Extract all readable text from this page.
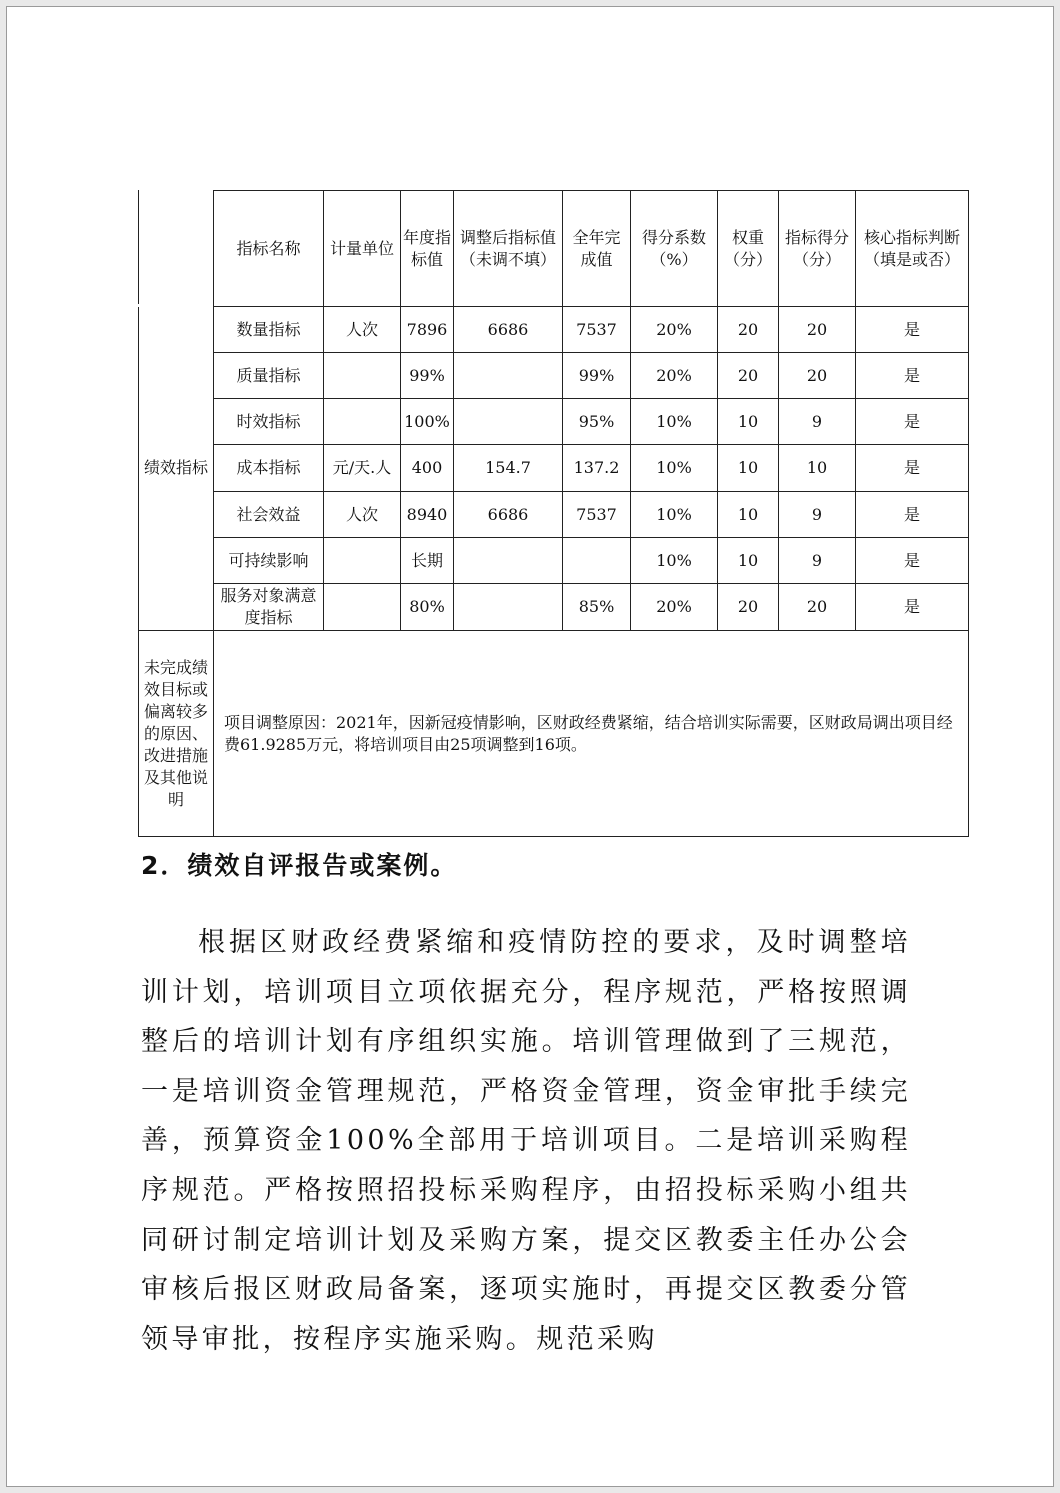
	指标名称	计量单位	年度指标值	调整后指标值（未调不填）	全年完成值	得分系数（%）	权重（分）	指标得分（分）	核心指标判断（填是或否）
绩效指标	数量指标	人次	7896	6686	7537	20%	20	20	是
	质量指标		99%		99%	20%	20	20	是
	时效指标		100%		95%	10%	10	9	是
	成本指标	元/天.人	400	154.7	137.2	10%	10	10	是
	社会效益	人次	8940	6686	7537	10%	10	9	是
	可持续影响		长期			10%	10	9	是
	服务对象满意度指标		80%		85%	20%	20	20	是
未完成绩效目标或偏离较多的原因、改进措施及其他说明	项目调整原因：2021年，因新冠疫情影响，区财政经费紧缩，结合培训实际需要，区财政局调出项目经费61.9285万元，将培训项目由25项调整到16项。								
2．绩效自评报告或案例。
根据区财政经费紧缩和疫情防控的要求，及时调整培训计划，培训项目立项依据充分，程序规范，严格按照调整后的培训计划有序组织实施。培训管理做到了三规范，一是培训资金管理规范，严格资金管理，资金审批手续完善，预算资金100%全部用于培训项目。二是培训采购程序规范。严格按照招投标采购程序，由招投标采购小组共同研讨制定培训计划及采购方案，提交区教委主任办公会审核后报区财政局备案，逐项实施时，再提交区教委分管领导审批，按程序实施采购。规范采购
